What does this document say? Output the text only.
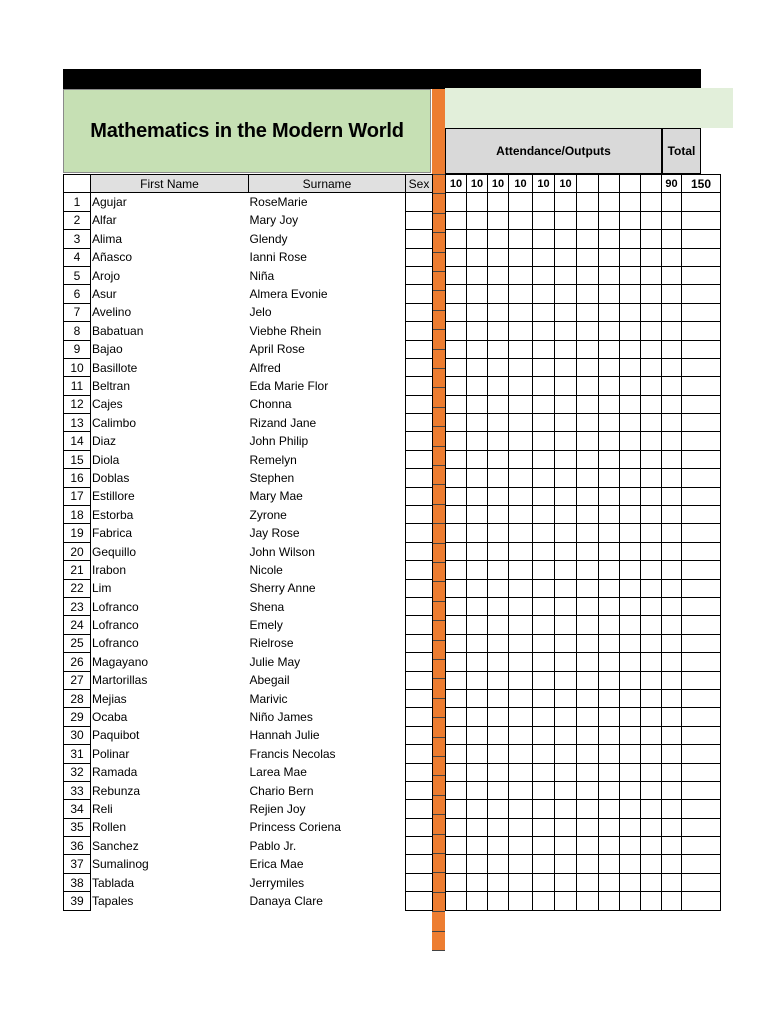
Mathematics in the Modern World
Attendance/Outputs	Total
	First Name	Surname	Sex
1	Agujar	RoseMarie	
2	Alfar	Mary Joy	
3	Alima	Glendy	
4	Añasco	Ianni Rose	
5	Arojo	Niña	
6	Asur	Almera Evonie	
7	Avelino	Jelo	
8	Babatuan	Viebhe Rhein	
9	Bajao	April Rose	
10	Basillote	Alfred	
11	Beltran	Eda Marie Flor	
12	Cajes	Chonna	
13	Calimbo	Rizand Jane	
14	Diaz	John Philip	
15	Diola	Remelyn	
16	Doblas	Stephen	
17	Estillore	Mary Mae	
18	Estorba	Zyrone	
19	Fabrica	Jay Rose	
20	Gequillo	John Wilson	
21	Irabon	Nicole	
22	Lim	Sherry Anne	
23	Lofranco	Shena	
24	Lofranco	Emely	
25	Lofranco	Rielrose	
26	Magayano	Julie May	
27	Martorillas	Abegail	
28	Mejias	Marivic	
29	Ocaba	Niño James	
30	Paquibot	Hannah Julie	
31	Polinar	Francis Necolas	
32	Ramada	Larea Mae	
33	Rebunza	Chario Bern	
34	Reli	Rejien Joy	
35	Rollen	Princess Coriena	
36	Sanchez	Pablo Jr.	
37	Sumalinog	Erica Mae	
38	Tablada	Jerrymiles	
39	Tapales	Danaya Clare	
10	10	10	10	10	10					90	150
